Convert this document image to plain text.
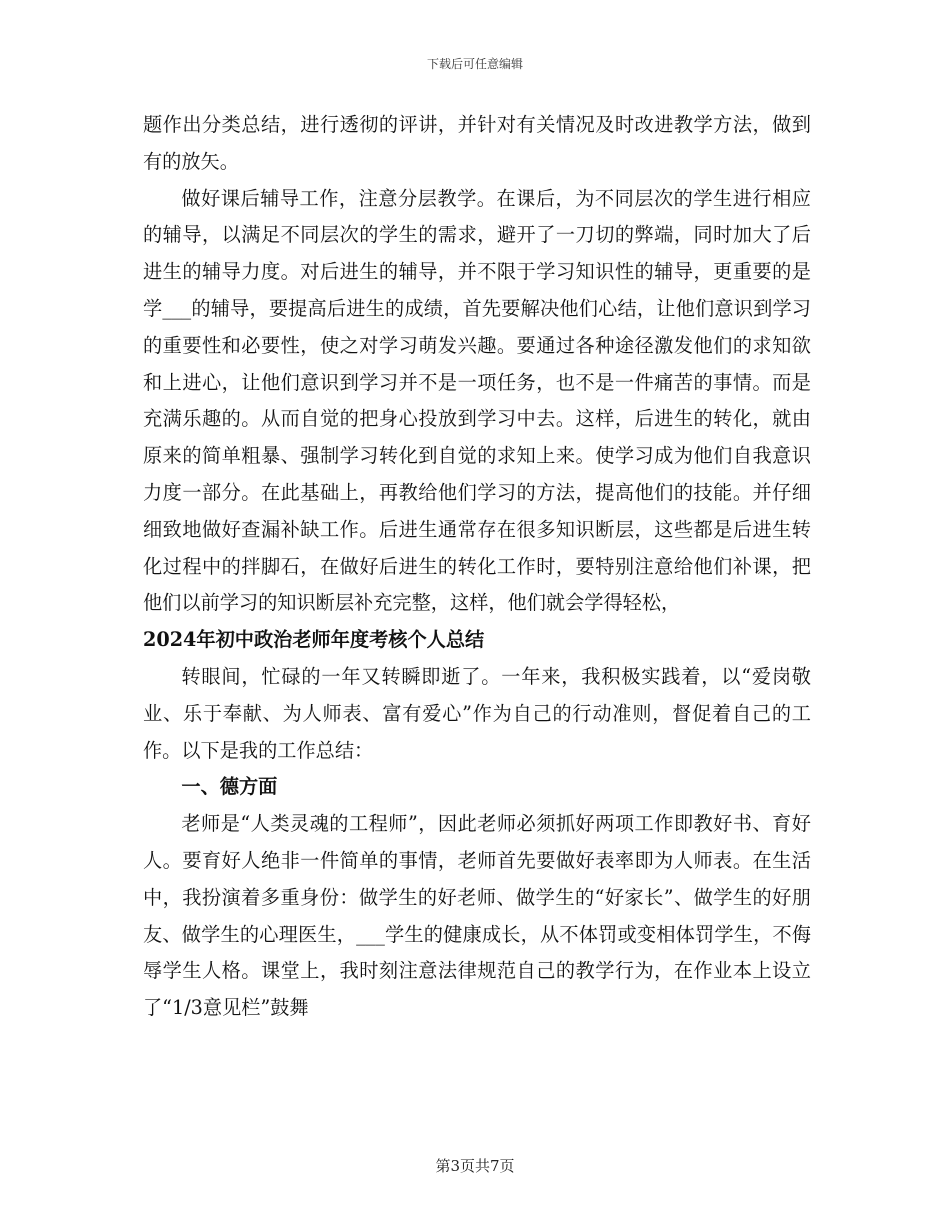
下载后可任意编辑

题作出分类总结，进行透彻的评讲，并针对有关情况及时改进教学方法，做到有的放矢。

做好课后辅导工作，注意分层教学。在课后，为不同层次的学生进行相应的辅导，以满足不同层次的学生的需求，避开了一刀切的弊端，同时加大了后进生的辅导力度。对后进生的辅导，并不限于学习知识性的辅导，更重要的是学___的辅导，要提高后进生的成绩，首先要解决他们心结，让他们意识到学习的重要性和必要性，使之对学习萌发兴趣。要通过各种途径激发他们的求知欲和上进心，让他们意识到学习并不是一项任务，也不是一件痛苦的事情。而是充满乐趣的。从而自觉的把身心投放到学习中去。这样，后进生的转化，就由原来的简单粗暴、强制学习转化到自觉的求知上来。使学习成为他们自我意识力度一部分。在此基础上，再教给他们学习的方法，提高他们的技能。并仔细细致地做好查漏补缺工作。后进生通常存在很多知识断层，这些都是后进生转化过程中的拌脚石，在做好后进生的转化工作时，要特别注意给他们补课，把他们以前学习的知识断层补充完整，这样，他们就会学得轻松，

2024年初中政治老师年度考核个人总结

转眼间，忙碌的一年又转瞬即逝了。一年来，我积极实践着，以“爱岗敬业、乐于奉献、为人师表、富有爱心”作为自己的行动准则，督促着自己的工作。以下是我的工作总结：

一、德方面

老师是“人类灵魂的工程师”，因此老师必须抓好两项工作即教好书、育好人。要育好人绝非一件简单的事情，老师首先要做好表率即为人师表。在生活中，我扮演着多重身份：做学生的好老师、做学生的“好家长”、做学生的好朋友、做学生的心理医生，___学生的健康成长，从不体罚或变相体罚学生，不侮辱学生人格。课堂上，我时刻注意法律规范自己的教学行为，在作业本上设立了“1/3意见栏”鼓舞

第3页共7页
